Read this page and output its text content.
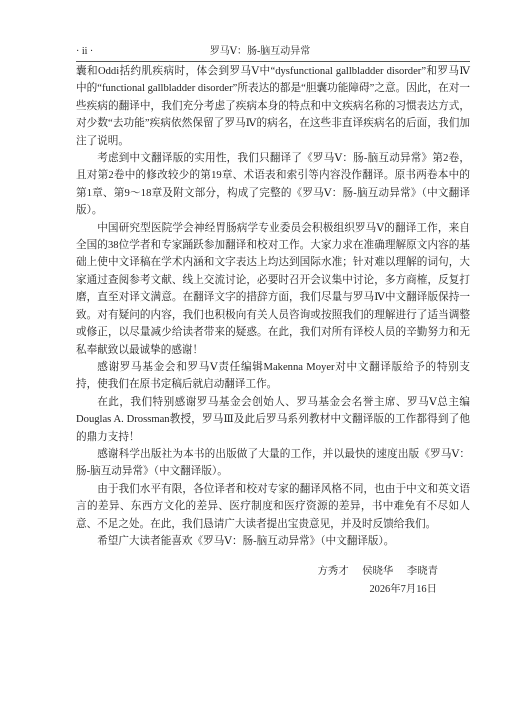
· ii ·	罗马Ⅴ：肠-脑互动异常

囊和Oddi括约肌疾病时，体会到罗马Ⅴ中“dysfunctional gallbladder disorder”和罗马Ⅳ中的“functional gallbladder disorder”所表达的都是“胆囊功能障碍”之意。因此，在对一些疾病的翻译中，我们充分考虑了疾病本身的特点和中文疾病名称的习惯表达方式，对少数“去功能”疾病依然保留了罗马Ⅳ的病名，在这些非直译疾病名的后面，我们加注了说明。

考虑到中文翻译版的实用性，我们只翻译了《罗马Ⅴ：肠-脑互动异常》第2卷，且对第2卷中的修改较少的第19章、术语表和索引等内容没作翻译。原书两卷本中的第1章、第9～18章及附文部分，构成了完整的《罗马Ⅴ：肠-脑互动异常》（中文翻译版）。

中国研究型医院学会神经胃肠病学专业委员会积极组织罗马Ⅴ的翻译工作，来自全国的38位学者和专家踊跃参加翻译和校对工作。大家力求在准确理解原文内容的基础上使中文译稿在学术内涵和文字表达上均达到国际水准；针对难以理解的词句，大家通过查阅参考文献、线上交流讨论，必要时召开会议集中讨论，多方商榷，反复打磨，直至对译文满意。在翻译文字的措辞方面，我们尽量与罗马Ⅳ中文翻译版保持一致。对有疑问的内容，我们也积极向有关人员咨询或按照我们的理解进行了适当调整或修正，以尽量减少给读者带来的疑惑。在此，我们对所有译校人员的辛勤努力和无私奉献致以最诚挚的感谢！

感谢罗马基金会和罗马Ⅴ责任编辑Makenna Moyer对中文翻译版给予的特别支持，使我们在原书定稿后就启动翻译工作。

在此，我们特别感谢罗马基金会创始人、罗马基金会名誉主席、罗马Ⅴ总主编Douglas A. Drossman教授，罗马Ⅲ及此后罗马系列教材中文翻译版的工作都得到了他的鼎力支持！

感谢科学出版社为本书的出版做了大量的工作，并以最快的速度出版《罗马Ⅴ：肠-脑互动异常》（中文翻译版）。

由于我们水平有限，各位译者和校对专家的翻译风格不同，也由于中文和英文语言的差异、东西方文化的差异、医疗制度和医疗资源的差异，书中难免有不尽如人意、不足之处。在此，我们恳请广大读者提出宝贵意见，并及时反馈给我们。

希望广大读者能喜欢《罗马Ⅴ：肠-脑互动异常》（中文翻译版）。

方秀才 侯晓华 李晓青
2026年7月16日
